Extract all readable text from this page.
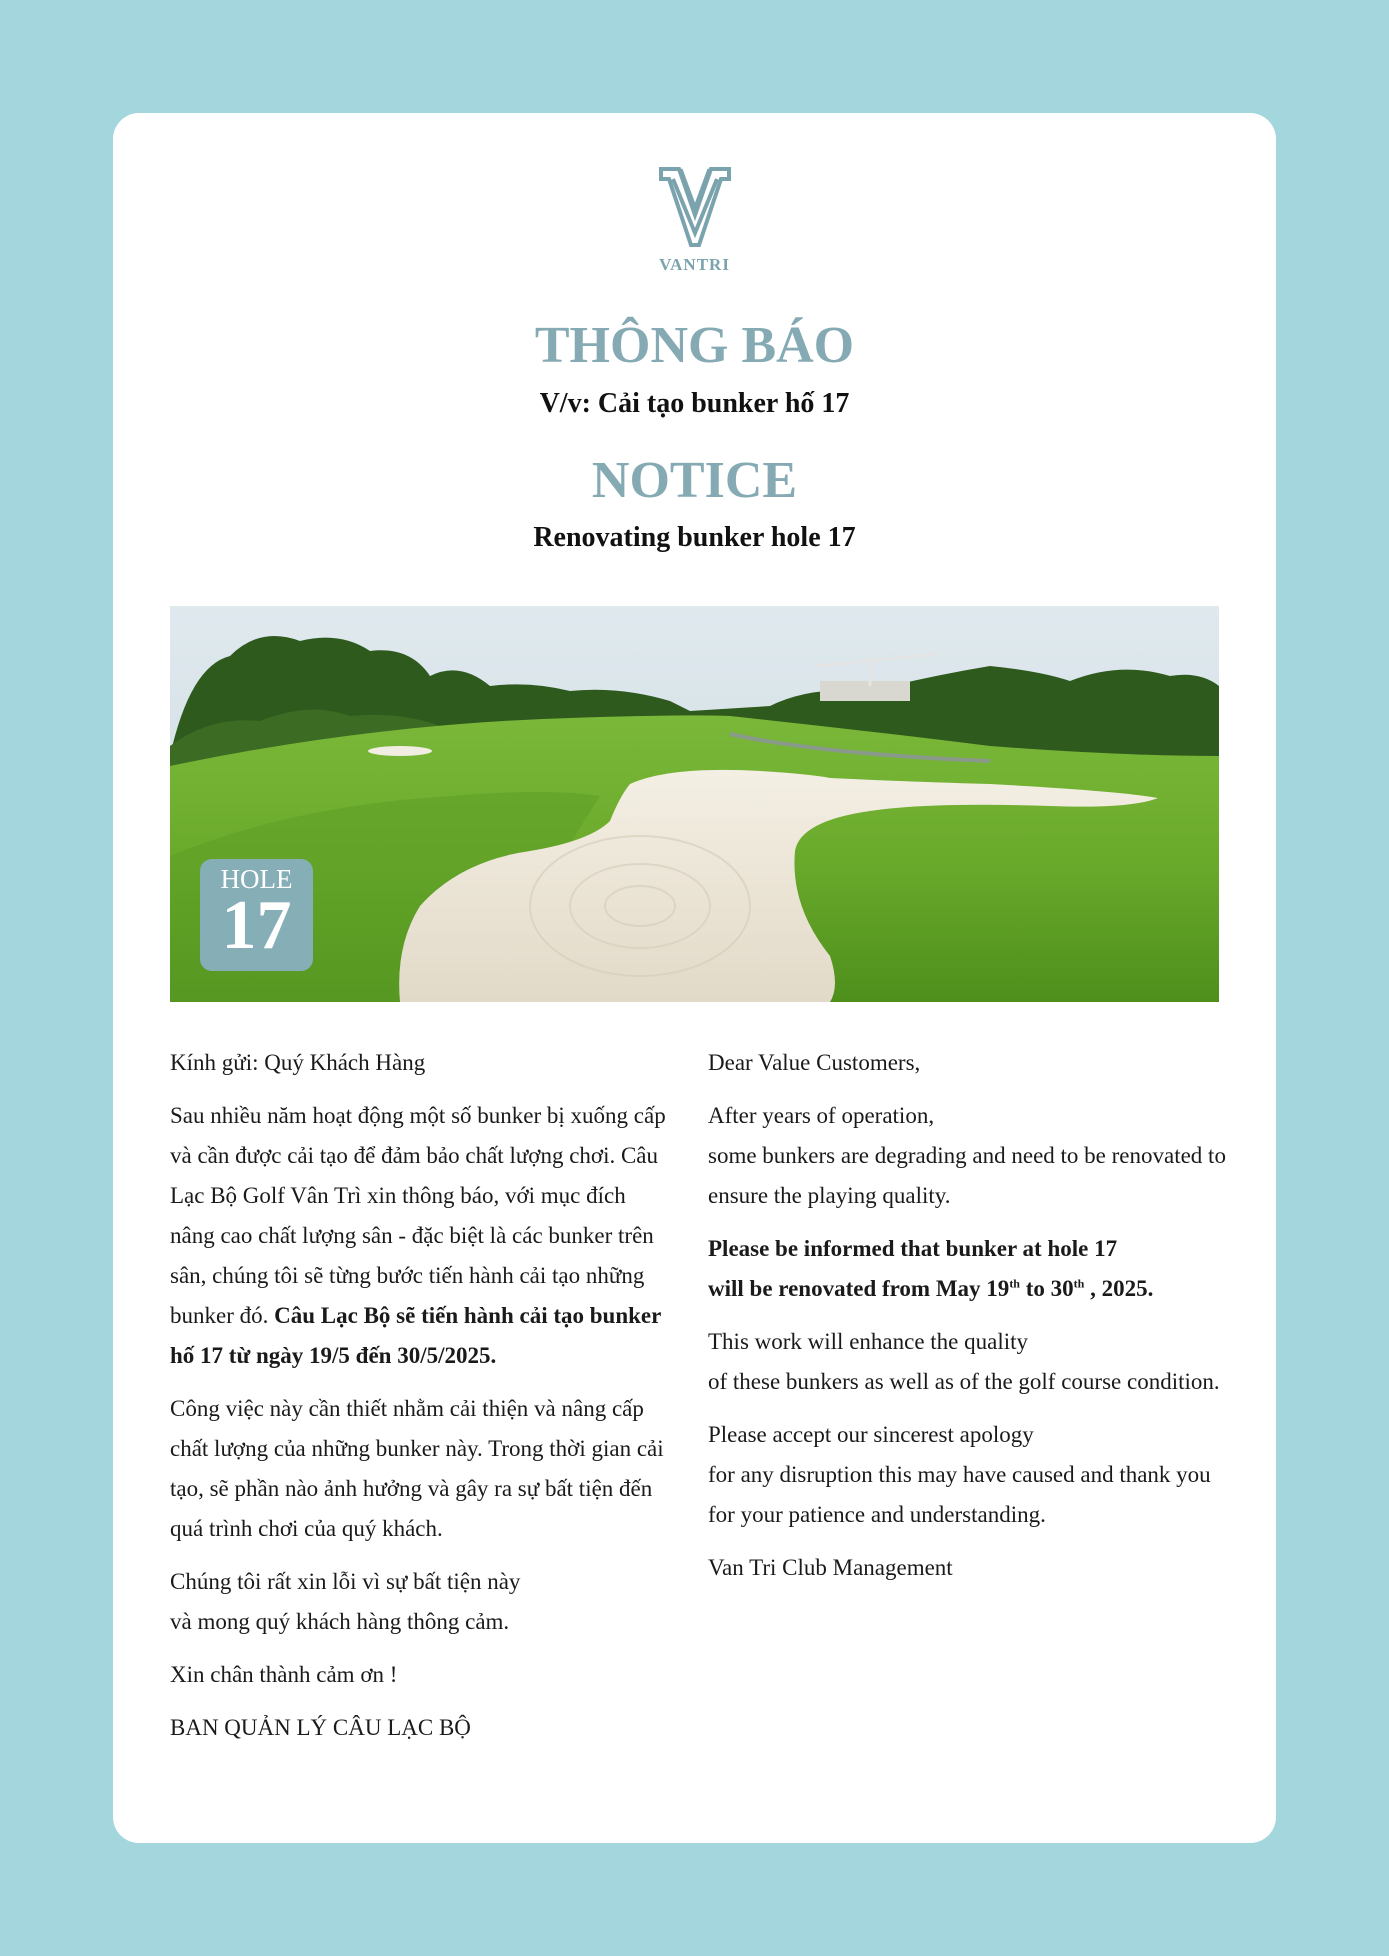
VANTRI
THÔNG BÁO
V/v: Cải tạo bunker hố 17
NOTICE
Renovating bunker hole 17
HOLE
17

Kính gửi: Quý Khách Hàng

Sau nhiều năm hoạt động một số bunker bị xuống cấp và cần được cải tạo để đảm bảo chất lượng chơi. Câu Lạc Bộ Golf Vân Trì xin thông báo, với mục đích nâng cao chất lượng sân - đặc biệt là các bunker trên sân, chúng tôi sẽ từng bước tiến hành cải tạo những bunker đó. Câu Lạc Bộ sẽ tiến hành cải tạo bunker hố 17 từ ngày 19/5 đến 30/5/2025.

Công việc này cần thiết nhằm cải thiện và nâng cấp chất lượng của những bunker này. Trong thời gian cải tạo, sẽ phần nào ảnh hưởng và gây ra sự bất tiện đến quá trình chơi của quý khách.

Chúng tôi rất xin lỗi vì sự bất tiện này
và mong quý khách hàng thông cảm.

Xin chân thành cảm ơn !

BAN QUẢN LÝ CÂU LẠC BỘ

Dear Value Customers,

After years of operation,
some bunkers are degrading and need to be renovated to ensure the playing quality.

Please be informed that bunker at hole 17
will be renovated from May 19th to 30th , 2025.

This work will enhance the quality
of these bunkers as well as of the golf course condition.

Please accept our sincerest apology
for any disruption this may have caused and thank you for your patience and understanding.

Van Tri Club Management
